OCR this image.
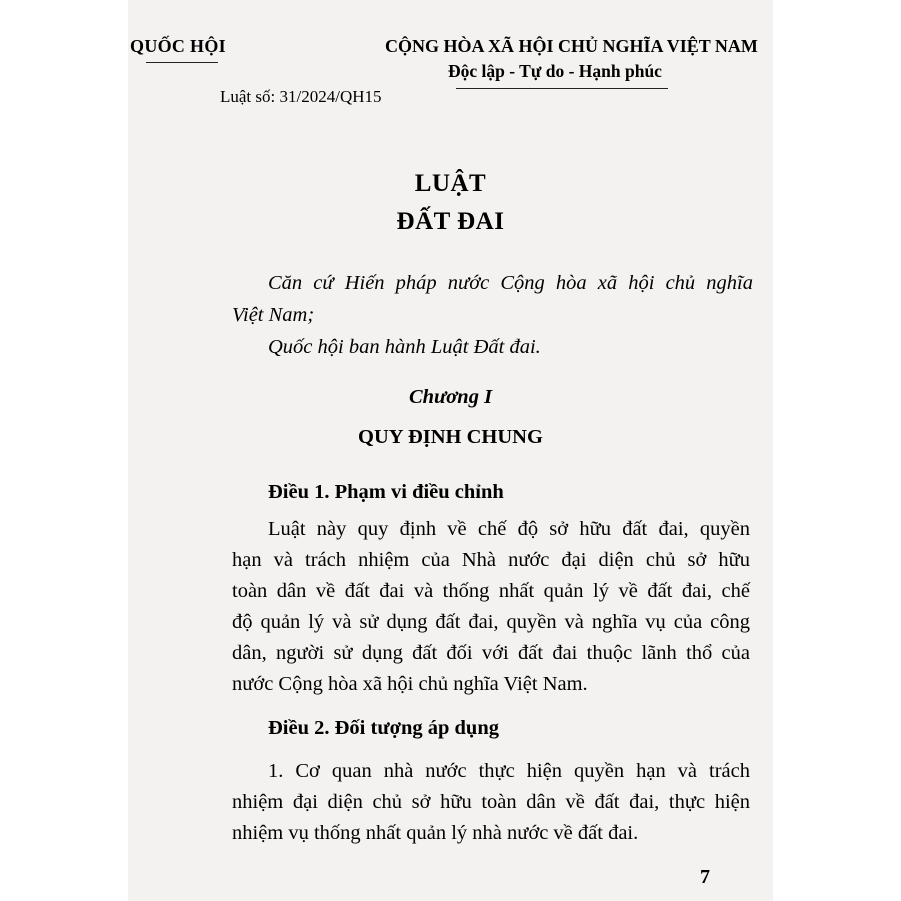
QUỐC HỘI	CỘNG HÒA XÃ HỘI CHỦ NGHĨA VIỆT NAM
Độc lập - Tự do - Hạnh phúc
Luật số: 31/2024/QH15
LUẬT
ĐẤT ĐAI
Căn cứ Hiến pháp nước Cộng hòa xã hội chủ nghĩa
Việt Nam;
Quốc hội ban hành Luật Đất đai.
Chương I
QUY ĐỊNH CHUNG
Điều 1. Phạm vi điều chỉnh
Luật này quy định về chế độ sở hữu đất đai, quyền
hạn và trách nhiệm của Nhà nước đại diện chủ sở hữu
toàn dân về đất đai và thống nhất quản lý về đất đai, chế
độ quản lý và sử dụng đất đai, quyền và nghĩa vụ của công
dân, người sử dụng đất đối với đất đai thuộc lãnh thổ của
nước Cộng hòa xã hội chủ nghĩa Việt Nam.
Điều 2. Đối tượng áp dụng
1. Cơ quan nhà nước thực hiện quyền hạn và trách
nhiệm đại diện chủ sở hữu toàn dân về đất đai, thực hiện
nhiệm vụ thống nhất quản lý nhà nước về đất đai.
7
